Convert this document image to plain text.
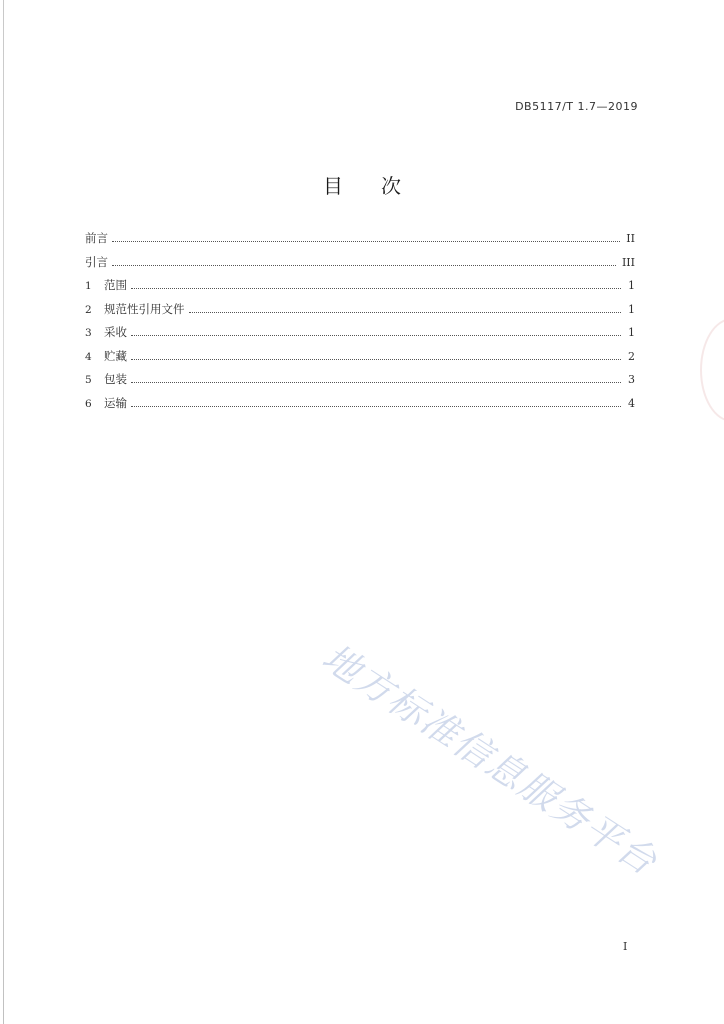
DB5117/T 1.7—2019
目次
前言	II
引言	III
1	范围	1
2	规范性引用文件	1
3	采收	1
4	贮藏	2
5	包装	3
6	运输	4
地方标准信息服务平台
I
